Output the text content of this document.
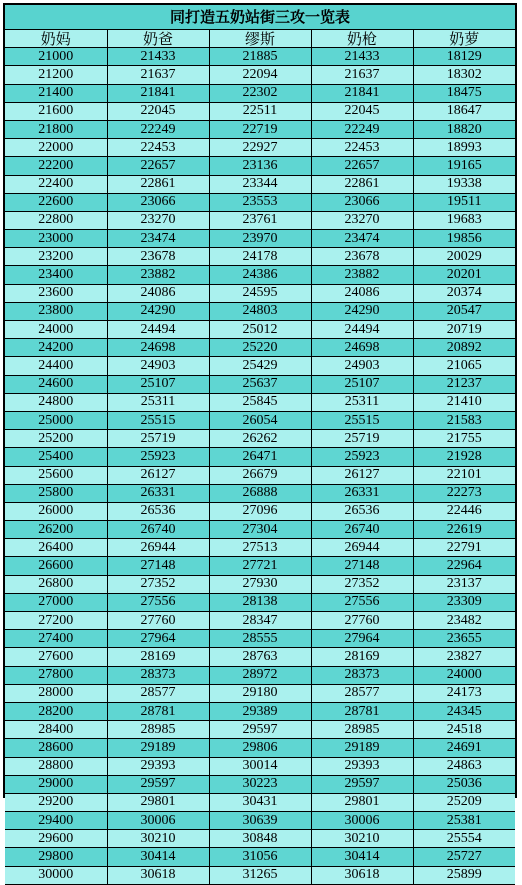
同打造五奶站街三攻一览表
奶妈	奶爸	缪斯	奶枪	奶萝
21000	21433	21885	21433	18129
21200	21637	22094	21637	18302
21400	21841	22302	21841	18475
21600	22045	22511	22045	18647
21800	22249	22719	22249	18820
22000	22453	22927	22453	18993
22200	22657	23136	22657	19165
22400	22861	23344	22861	19338
22600	23066	23553	23066	19511
22800	23270	23761	23270	19683
23000	23474	23970	23474	19856
23200	23678	24178	23678	20029
23400	23882	24386	23882	20201
23600	24086	24595	24086	20374
23800	24290	24803	24290	20547
24000	24494	25012	24494	20719
24200	24698	25220	24698	20892
24400	24903	25429	24903	21065
24600	25107	25637	25107	21237
24800	25311	25845	25311	21410
25000	25515	26054	25515	21583
25200	25719	26262	25719	21755
25400	25923	26471	25923	21928
25600	26127	26679	26127	22101
25800	26331	26888	26331	22273
26000	26536	27096	26536	22446
26200	26740	27304	26740	22619
26400	26944	27513	26944	22791
26600	27148	27721	27148	22964
26800	27352	27930	27352	23137
27000	27556	28138	27556	23309
27200	27760	28347	27760	23482
27400	27964	28555	27964	23655
27600	28169	28763	28169	23827
27800	28373	28972	28373	24000
28000	28577	29180	28577	24173
28200	28781	29389	28781	24345
28400	28985	29597	28985	24518
28600	29189	29806	29189	24691
28800	29393	30014	29393	24863
29000	29597	30223	29597	25036
29200	29801	30431	29801	25209
29400	30006	30639	30006	25381
29600	30210	30848	30210	25554
29800	30414	31056	30414	25727
30000	30618	31265	30618	25899
